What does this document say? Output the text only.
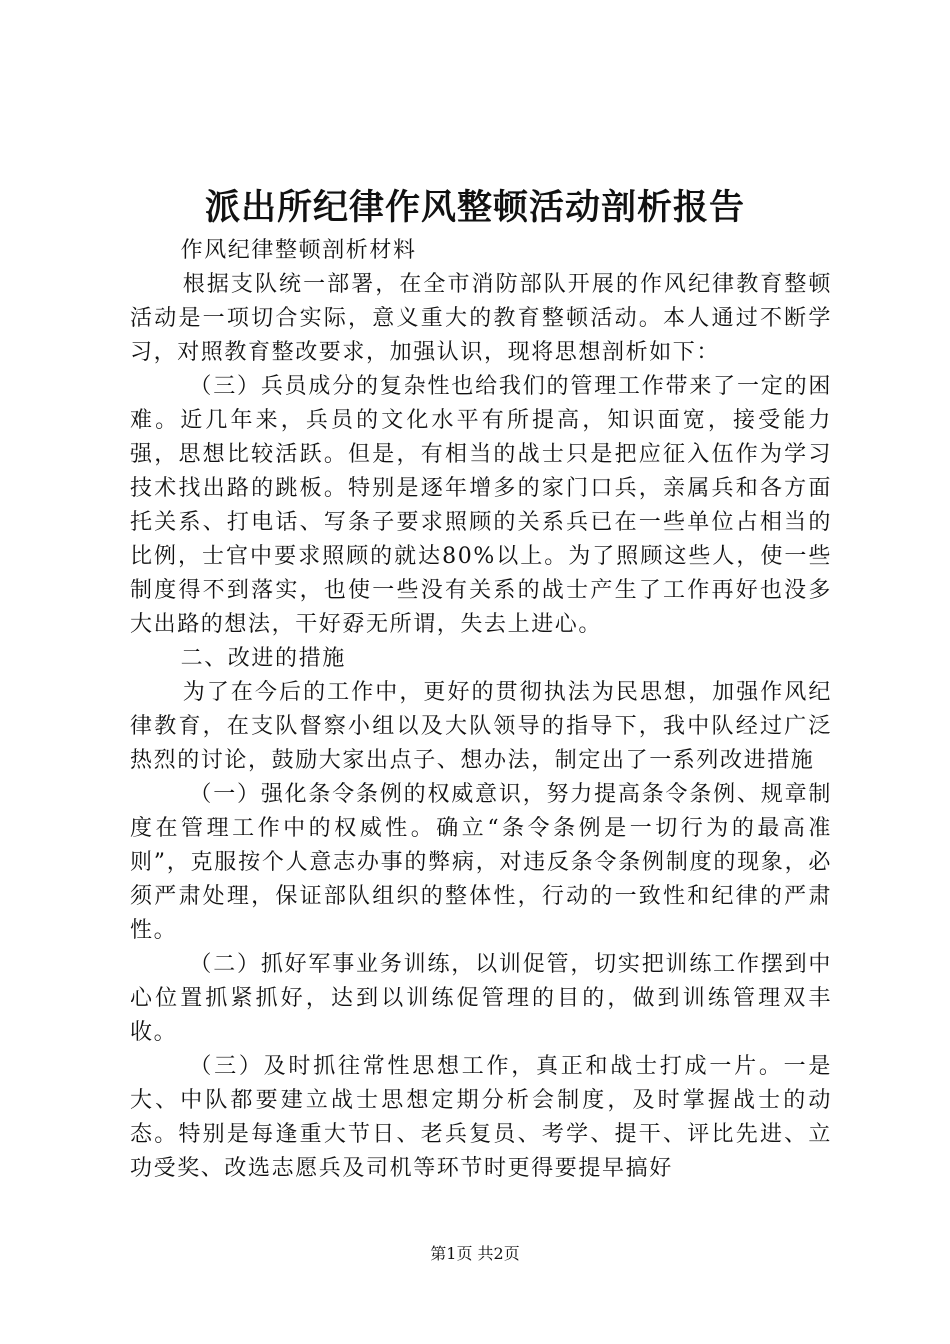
派出所纪律作风整顿活动剖析报告

作风纪律整顿剖析材料

根据支队统一部署，在全市消防部队开展的作风纪律教育整顿活动是一项切合实际，意义重大的教育整顿活动。本人通过不断学习，对照教育整改要求，加强认识，现将思想剖析如下：

（三）兵员成分的复杂性也给我们的管理工作带来了一定的困难。近几年来，兵员的文化水平有所提高，知识面宽，接受能力强，思想比较活跃。但是，有相当的战士只是把应征入伍作为学习技术找出路的跳板。特别是逐年增多的家门口兵，亲属兵和各方面托关系、打电话、写条子要求照顾的关系兵已在一些单位占相当的比例，士官中要求照顾的就达80%以上。为了照顾这些人，使一些制度得不到落实，也使一些没有关系的战士产生了工作再好也没多大出路的想法，干好孬无所谓，失去上进心。

二、改进的措施

为了在今后的工作中，更好的贯彻执法为民思想，加强作风纪律教育，在支队督察小组以及大队领导的指导下，我中队经过广泛热烈的讨论，鼓励大家出点子、想办法，制定出了一系列改进措施

（一）强化条令条例的权威意识，努力提高条令条例、规章制度在管理工作中的权威性。确立“条令条例是一切行为的最高准则”，克服按个人意志办事的弊病，对违反条令条例制度的现象，必须严肃处理，保证部队组织的整体性，行动的一致性和纪律的严肃性。

（二）抓好军事业务训练，以训促管，切实把训练工作摆到中心位置抓紧抓好，达到以训练促管理的目的，做到训练管理双丰收。

（三）及时抓往常性思想工作，真正和战士打成一片。一是大、中队都要建立战士思想定期分析会制度，及时掌握战士的动态。特别是每逢重大节日、老兵复员、考学、提干、评比先进、立功受奖、改选志愿兵及司机等环节时更得要提早搞好

第1页 共2页
